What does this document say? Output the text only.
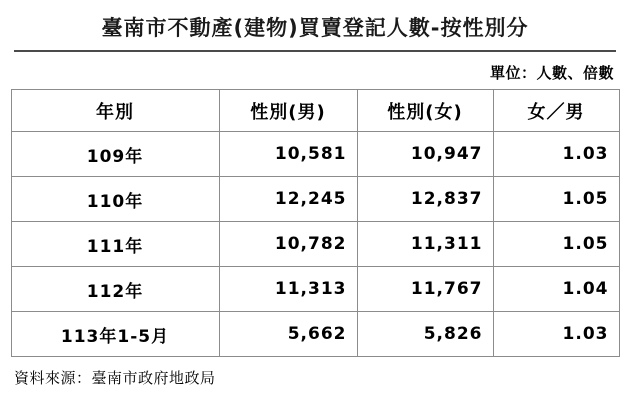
臺南市不動產(建物)買賣登記人數-按性別分
單位：人數、倍數
年別	性別(男)	性別(女)	女／男
109年	10,581	10,947	1.03
110年	12,245	12,837	1.05
111年	10,782	11,311	1.05
112年	11,313	11,767	1.04
113年1-5月	5,662	5,826	1.03
資料來源：臺南市政府地政局
